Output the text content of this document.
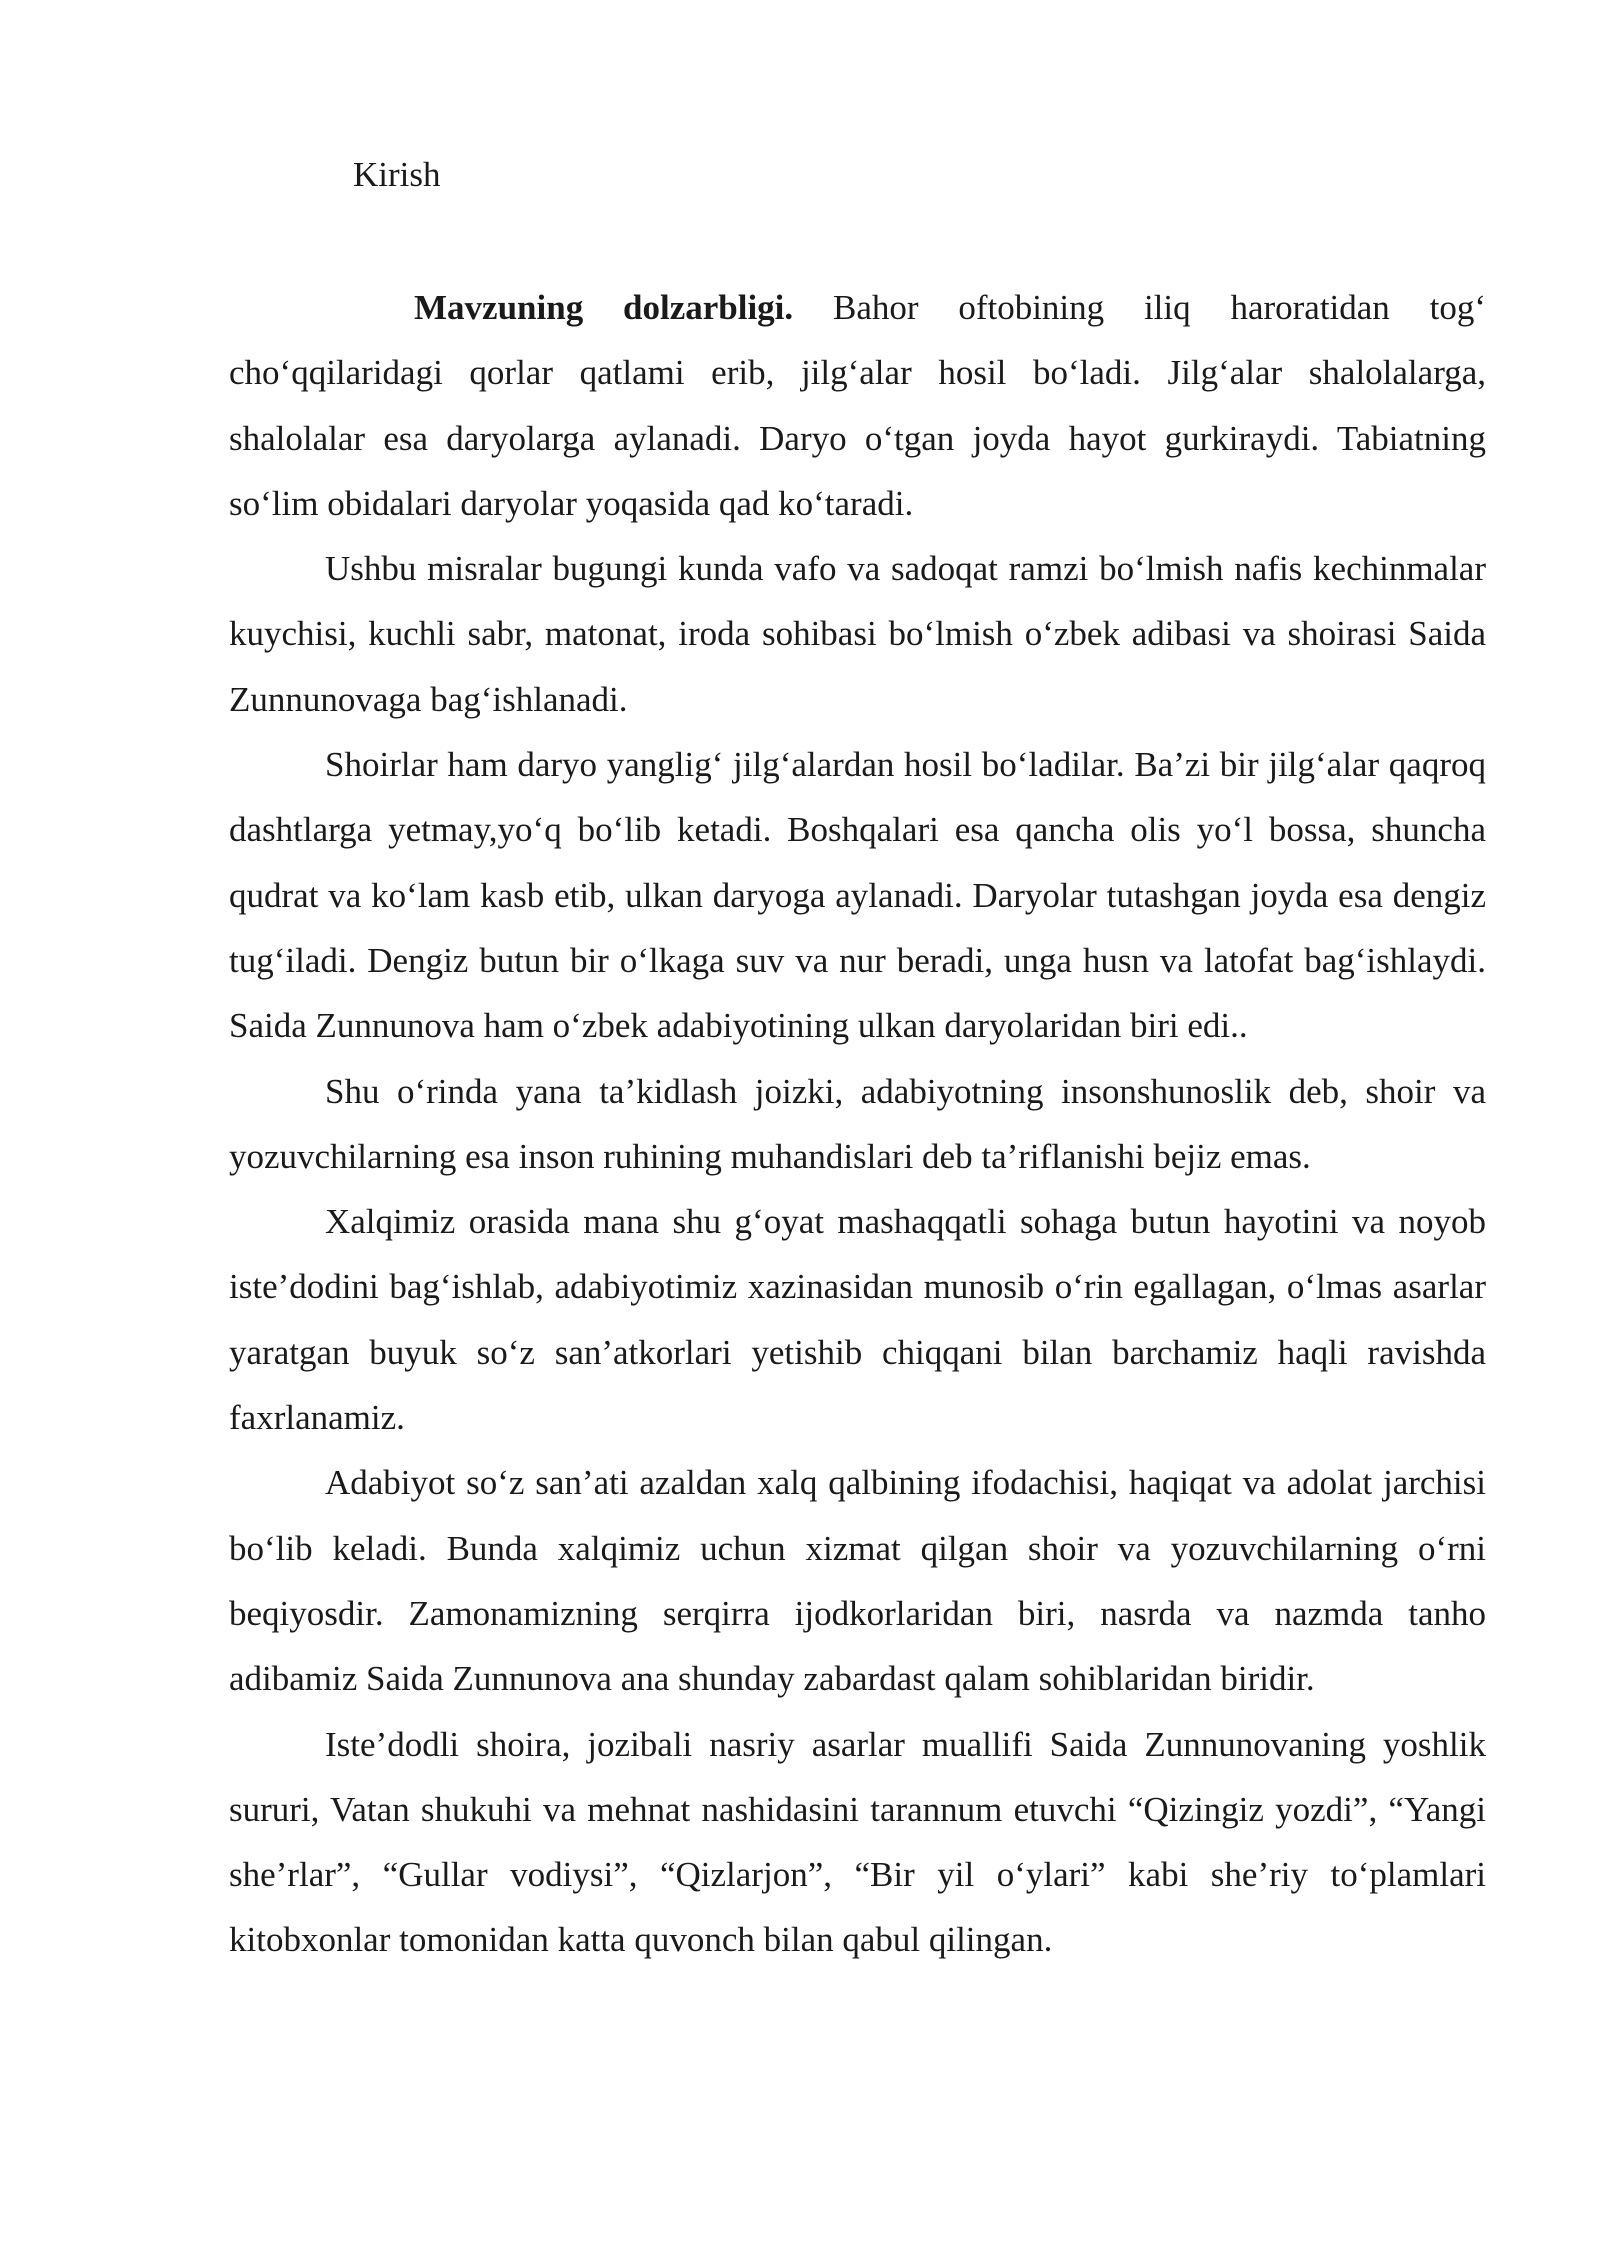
Kirish

Mavzuning dolzarbligi. Bahor oftobining iliq haroratidan tog‘ cho‘qqilaridagi qorlar qatlami erib, jilg‘alar hosil bo‘ladi. Jilg‘alar shalolalarga, shalolalar esa daryolarga aylanadi. Daryo o‘tgan joyda hayot gurkiraydi. Tabiatning so‘lim obidalari daryolar yoqasida qad ko‘taradi.

Ushbu misralar bugungi kunda vafo va sadoqat ramzi bo‘lmish nafis kechinmalar kuychisi, kuchli sabr, matonat, iroda sohibasi bo‘lmish o‘zbek adibasi va shoirasi Saida Zunnunovaga bag‘ishlanadi.

Shoirlar ham daryo yanglig‘ jilg‘alardan hosil bo‘ladilar. Ba’zi bir jilg‘alar qaqroq dashtlarga yetmay,yo‘q bo‘lib ketadi. Boshqalari esa qancha olis yo‘l bossa, shuncha qudrat va ko‘lam kasb etib, ulkan daryoga aylanadi. Daryolar tutashgan joyda esa dengiz tug‘iladi. Dengiz butun bir o‘lkaga suv va nur beradi, unga husn va latofat bag‘ishlaydi. Saida Zunnunova ham o‘zbek adabiyotining ulkan daryolaridan biri edi..

Shu o‘rinda yana ta’kidlash joizki, adabiyotning insonshunoslik deb, shoir va yozuvchilarning esa inson ruhining muhandislari deb ta’riflanishi bejiz emas.

Xalqimiz orasida mana shu g‘oyat mashaqqatli sohaga butun hayotini va noyob iste’dodini bag‘ishlab, adabiyotimiz xazinasidan munosib o‘rin egallagan, o‘lmas asarlar yaratgan buyuk so‘z san’atkorlari yetishib chiqqani bilan barchamiz haqli ravishda faxrlanamiz.

Adabiyot so‘z san’ati azaldan xalq qalbining ifodachisi, haqiqat va adolat jarchisi bo‘lib keladi. Bunda xalqimiz uchun xizmat qilgan shoir va yozuvchilarning o‘rni beqiyosdir. Zamonamizning serqirra ijodkorlaridan biri, nasrda va nazmda tanho adibamiz Saida Zunnunova ana shunday zabardast qalam sohiblaridan biridir.

Iste’dodli shoira, jozibali nasriy asarlar muallifi Saida Zunnunovaning yoshlik sururi, Vatan shukuhi va mehnat nashidasini tarannum etuvchi “Qizingiz yozdi”, “Yangi she’rlar”, “Gullar vodiysi”, “Qizlarjon”, “Bir yil o‘ylari” kabi she’riy to‘plamlari kitobxonlar tomonidan katta quvonch bilan qabul qilingan.
